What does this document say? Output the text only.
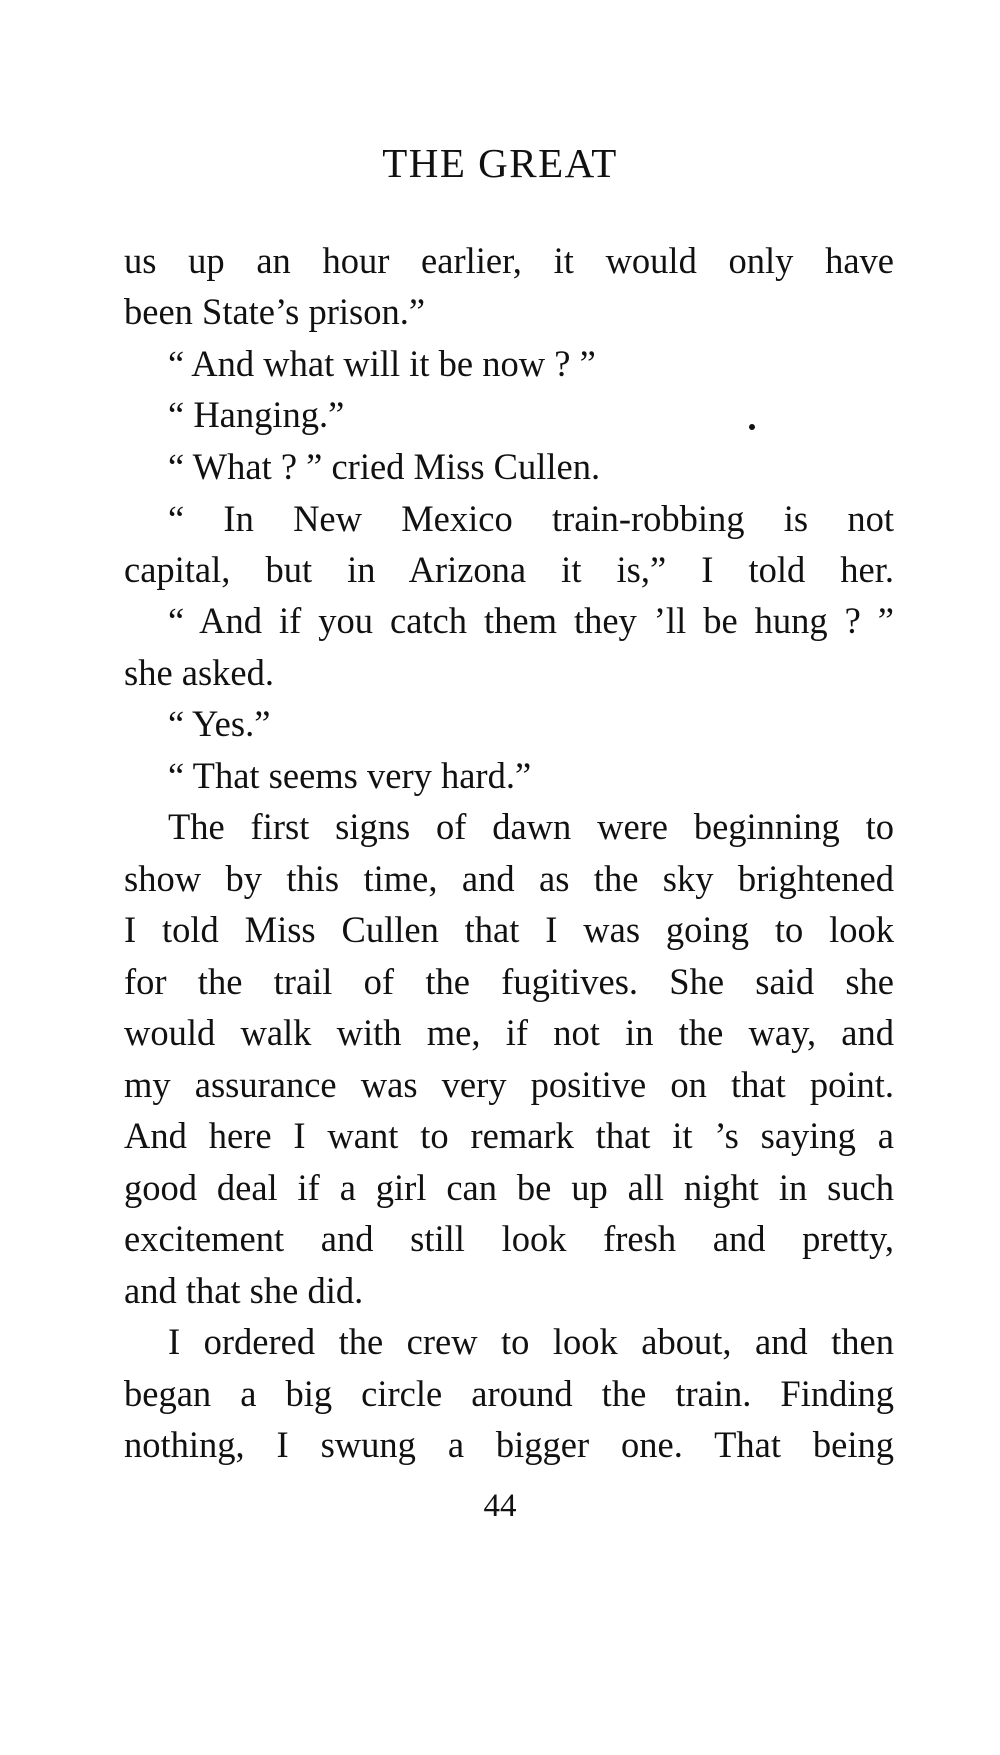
THE GREAT
us up an hour earlier, it would only have
been State’s prison.”
“ And what will it be now ? ”
“ Hanging.”
“ What ? ” cried Miss Cullen.
“ In New Mexico train-robbing is not
capital, but in Arizona it is,” I told her.
“ And if you catch them they ’ll be hung ? ”
she asked.
“ Yes.”
“ That seems very hard.”
The first signs of dawn were beginning to
show by this time, and as the sky brightened
I told Miss Cullen that I was going to look
for the trail of the fugitives. She said she
would walk with me, if not in the way, and
my assurance was very positive on that point.
And here I want to remark that it ’s saying a
good deal if a girl can be up all night in such
excitement and still look fresh and pretty,
and that she did.
I ordered the crew to look about, and then
began a big circle around the train. Finding
nothing, I swung a bigger one. That being
44
